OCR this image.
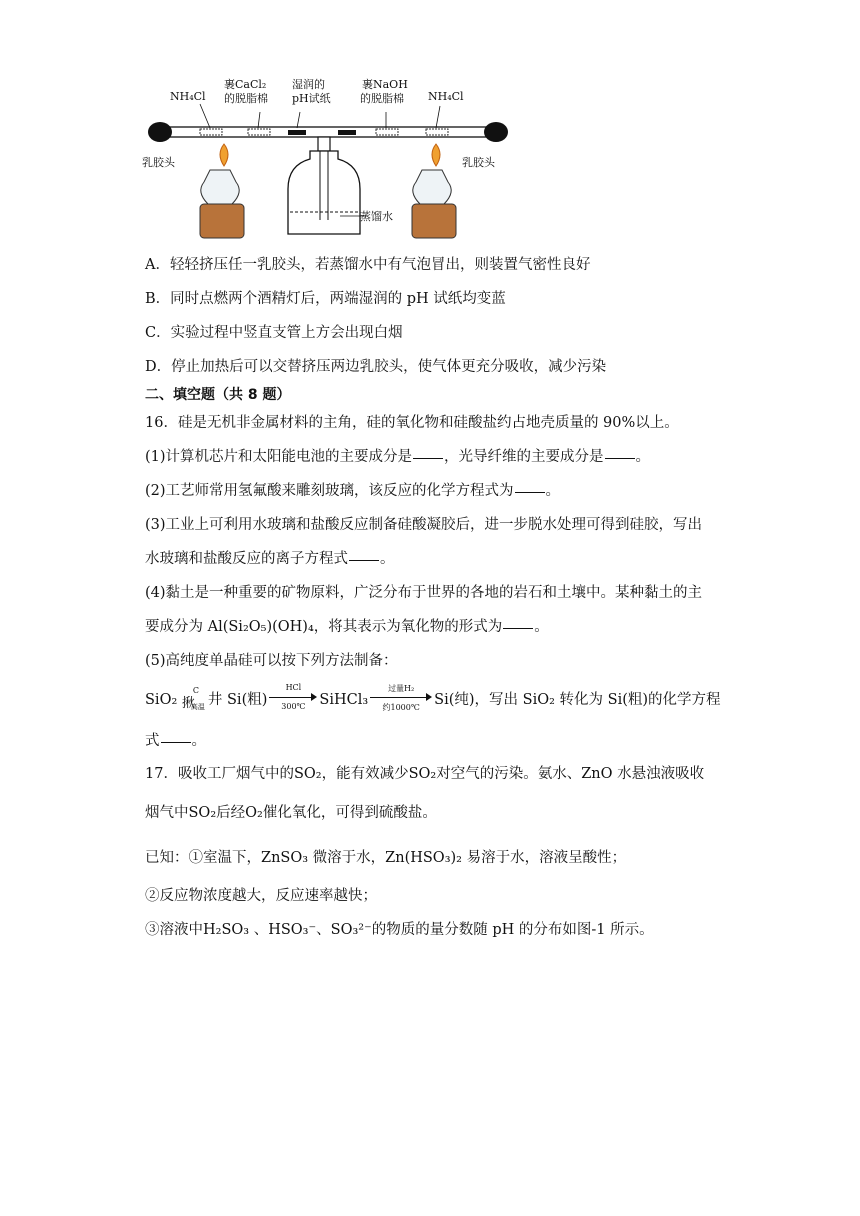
NH₄Cl
裹CaCl₂
的脱脂棉
湿润的
pH试纸
裹NaOH
的脱脂棉 NH₄Cl
乳胶头	乳胶头
蒸馏水
A．轻轻挤压任一乳胶头，若蒸馏水中有气泡冒出，则装置气密性良好
B．同时点燃两个酒精灯后，两端湿润的 pH 试纸均变蓝
C．实验过程中竖直支管上方会出现白烟
D．停止加热后可以交替挤压两边乳胶头，使气体更充分吸收，减少污染
二、填空题（共 8 题）
16．硅是无机非金属材料的主角，硅的氧化物和硅酸盐约占地壳质量的 90%以上。
(1)计算机芯片和太阳能电池的主要成分是 ，光导纤维的主要成分是 。
(2)工艺师常用氢氟酸来雕刻玻璃，该反应的化学方程式为 。
(3)工业上可利用水玻璃和盐酸反应制备硅酸凝胶后，进一步脱水处理可得到硅胶，写出
水玻璃和盐酸反应的离子方程式 。
(4)黏土是一种重要的矿物原料，广泛分布于世界的各地的岩石和土壤中。某种黏土的主
要成分为 Al(Si₂O₅)(OH)₄，将其表示为氧化物的形式为 。
(5)高纯度单晶硅可以按下列方法制备：
SiO₂ 揪
C
高温 井 Si(粗)
HCl
300℃ SiHCl₃
过量H₂
约1000℃ Si(纯)，写出 SiO₂ 转化为 Si(粗)的化学方程
式 。
17．吸收工厂烟气中的SO₂，能有效减少SO₂对空气的污染。氨水、ZnO 水悬浊液吸收
烟气中SO₂后经O₂催化氧化，可得到硫酸盐。
已知：①室温下，ZnSO₃ 微溶于水，Zn(HSO₃)₂ 易溶于水，溶液呈酸性；
②反应物浓度越大，反应速率越快；
③溶液中H₂SO₃ 、HSO₃⁻、SO₃²⁻的物质的量分数随 pH 的分布如图-1 所示。
